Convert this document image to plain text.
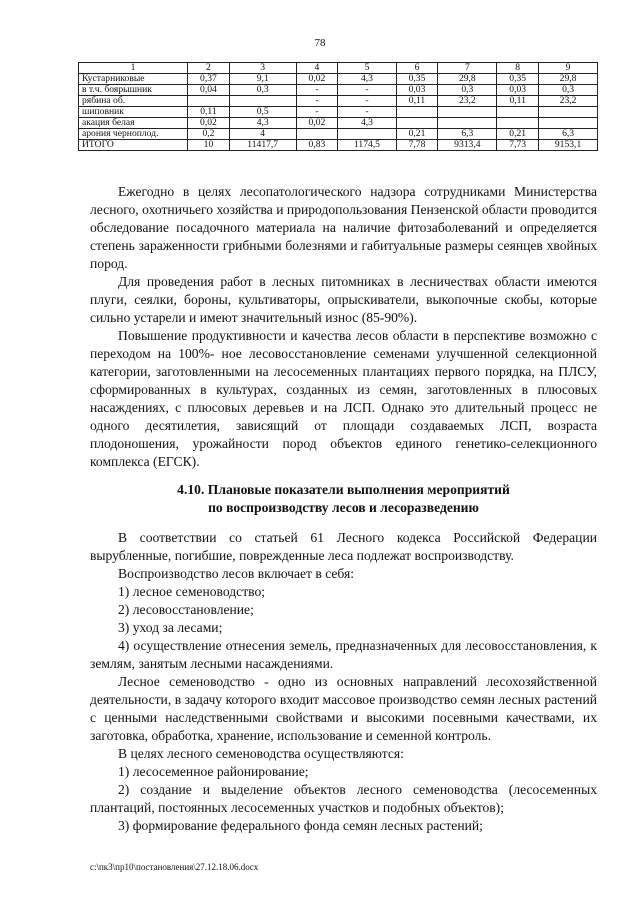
78
1	2	3	4	5	6	7	8	9
Кустарниковые	0,37	9,1	0,02	4,3	0,35	29,8	0,35	29,8
в т.ч. боярышник	0,04	0,3	-	-	0,03	0,3	0,03	0,3
рябина об.			-	-	0,11	23,2	0,11	23,2
шиповник	0,11	0,5	-	-				
акация белая	0,02	4,3	0,02	4,3				
арония черноплод.	0,2	4			0,21	6,3	0,21	6,3
ИТОГО	10	11417,7	0,83	1174,5	7,78	9313,4	7,73	9153,1

Ежегодно в целях лесопатологического надзора сотрудниками Министерства лесного, охотничьего хозяйства и природопользования Пензенской области проводится обследование посадочного материала на наличие фитозаболеваний и определяется степень зараженности грибными болезнями и габитуальные размеры сеянцев хвойных пород.

Для проведения работ в лесных питомниках в лесничествах области имеются плуги, сеялки, бороны, культиваторы, опрыскиватели, выкопочные скобы, которые сильно устарели и имеют значительный износ (85-90%).

Повышение продуктивности и качества лесов области в перспективе возможно с переходом на 100%- ное лесовосстановление семенами улучшенной селекционной категории, заготовленными на лесосеменных плантациях первого порядка, на ПЛСУ, сформированных в культурах, созданных из семян, заготовленных в плюсовых насаждениях, с плюсовых деревьев и на ЛСП. Однако это длительный процесс не одного десятилетия, зависящий от площади создаваемых ЛСП, возраста плодоношения, урожайности пород объектов единого генетико-селекционного комплекса (ЕГСК).

4.10. Плановые показатели выполнения мероприятий
по воспроизводству лесов и лесоразведению

В соответствии со статьей 61 Лесного кодекса Российской Федерации вырубленные, погибшие, поврежденные леса подлежат воспроизводству.

Воспроизводство лесов включает в себя:

1) лесное семеноводство;

2) лесовосстановление;

3) уход за лесами;

4) осуществление отнесения земель, предназначенных для лесовосстановления, к землям, занятым лесными насаждениями.

Лесное семеноводство - одно из основных направлений лесохозяйственной деятельности, в задачу которого входит массовое производство семян лесных растений с ценными наследственными свойствами и высокими посевными качествами, их заготовка, обработка, хранение, использование и семенной контроль.

В целях лесного семеноводства осуществляются:

1) лесосеменное районирование;

2) создание и выделение объектов лесного семеноводства (лесосеменных плантаций, постоянных лесосеменных участков и подобных объектов);

3) формирование федерального фонда семян лесных растений;

c:\пк3\пр10\постановления\27.12.18.06.docx
